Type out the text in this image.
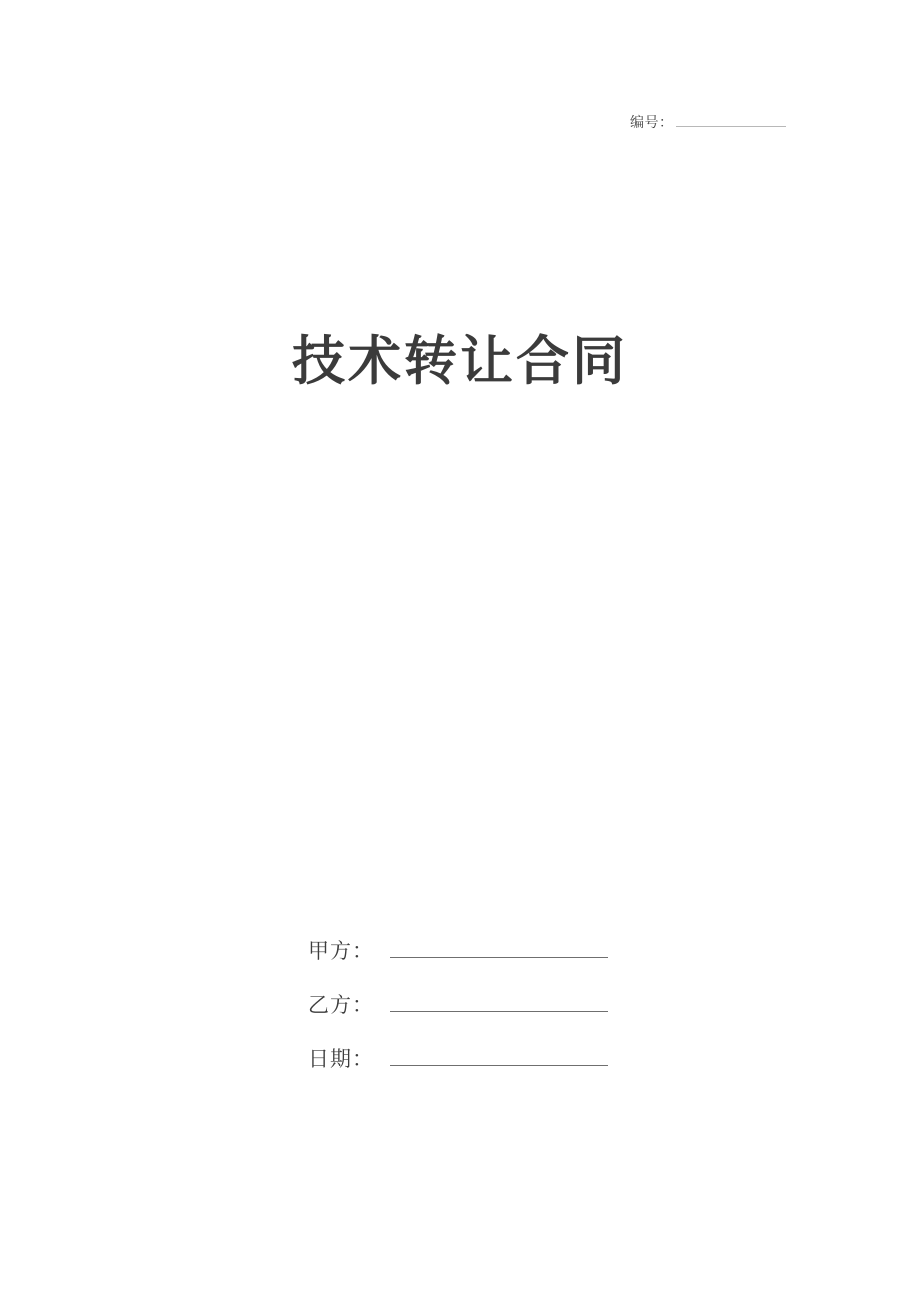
编号：
技术转让合同
甲方：
乙方：
日期：
